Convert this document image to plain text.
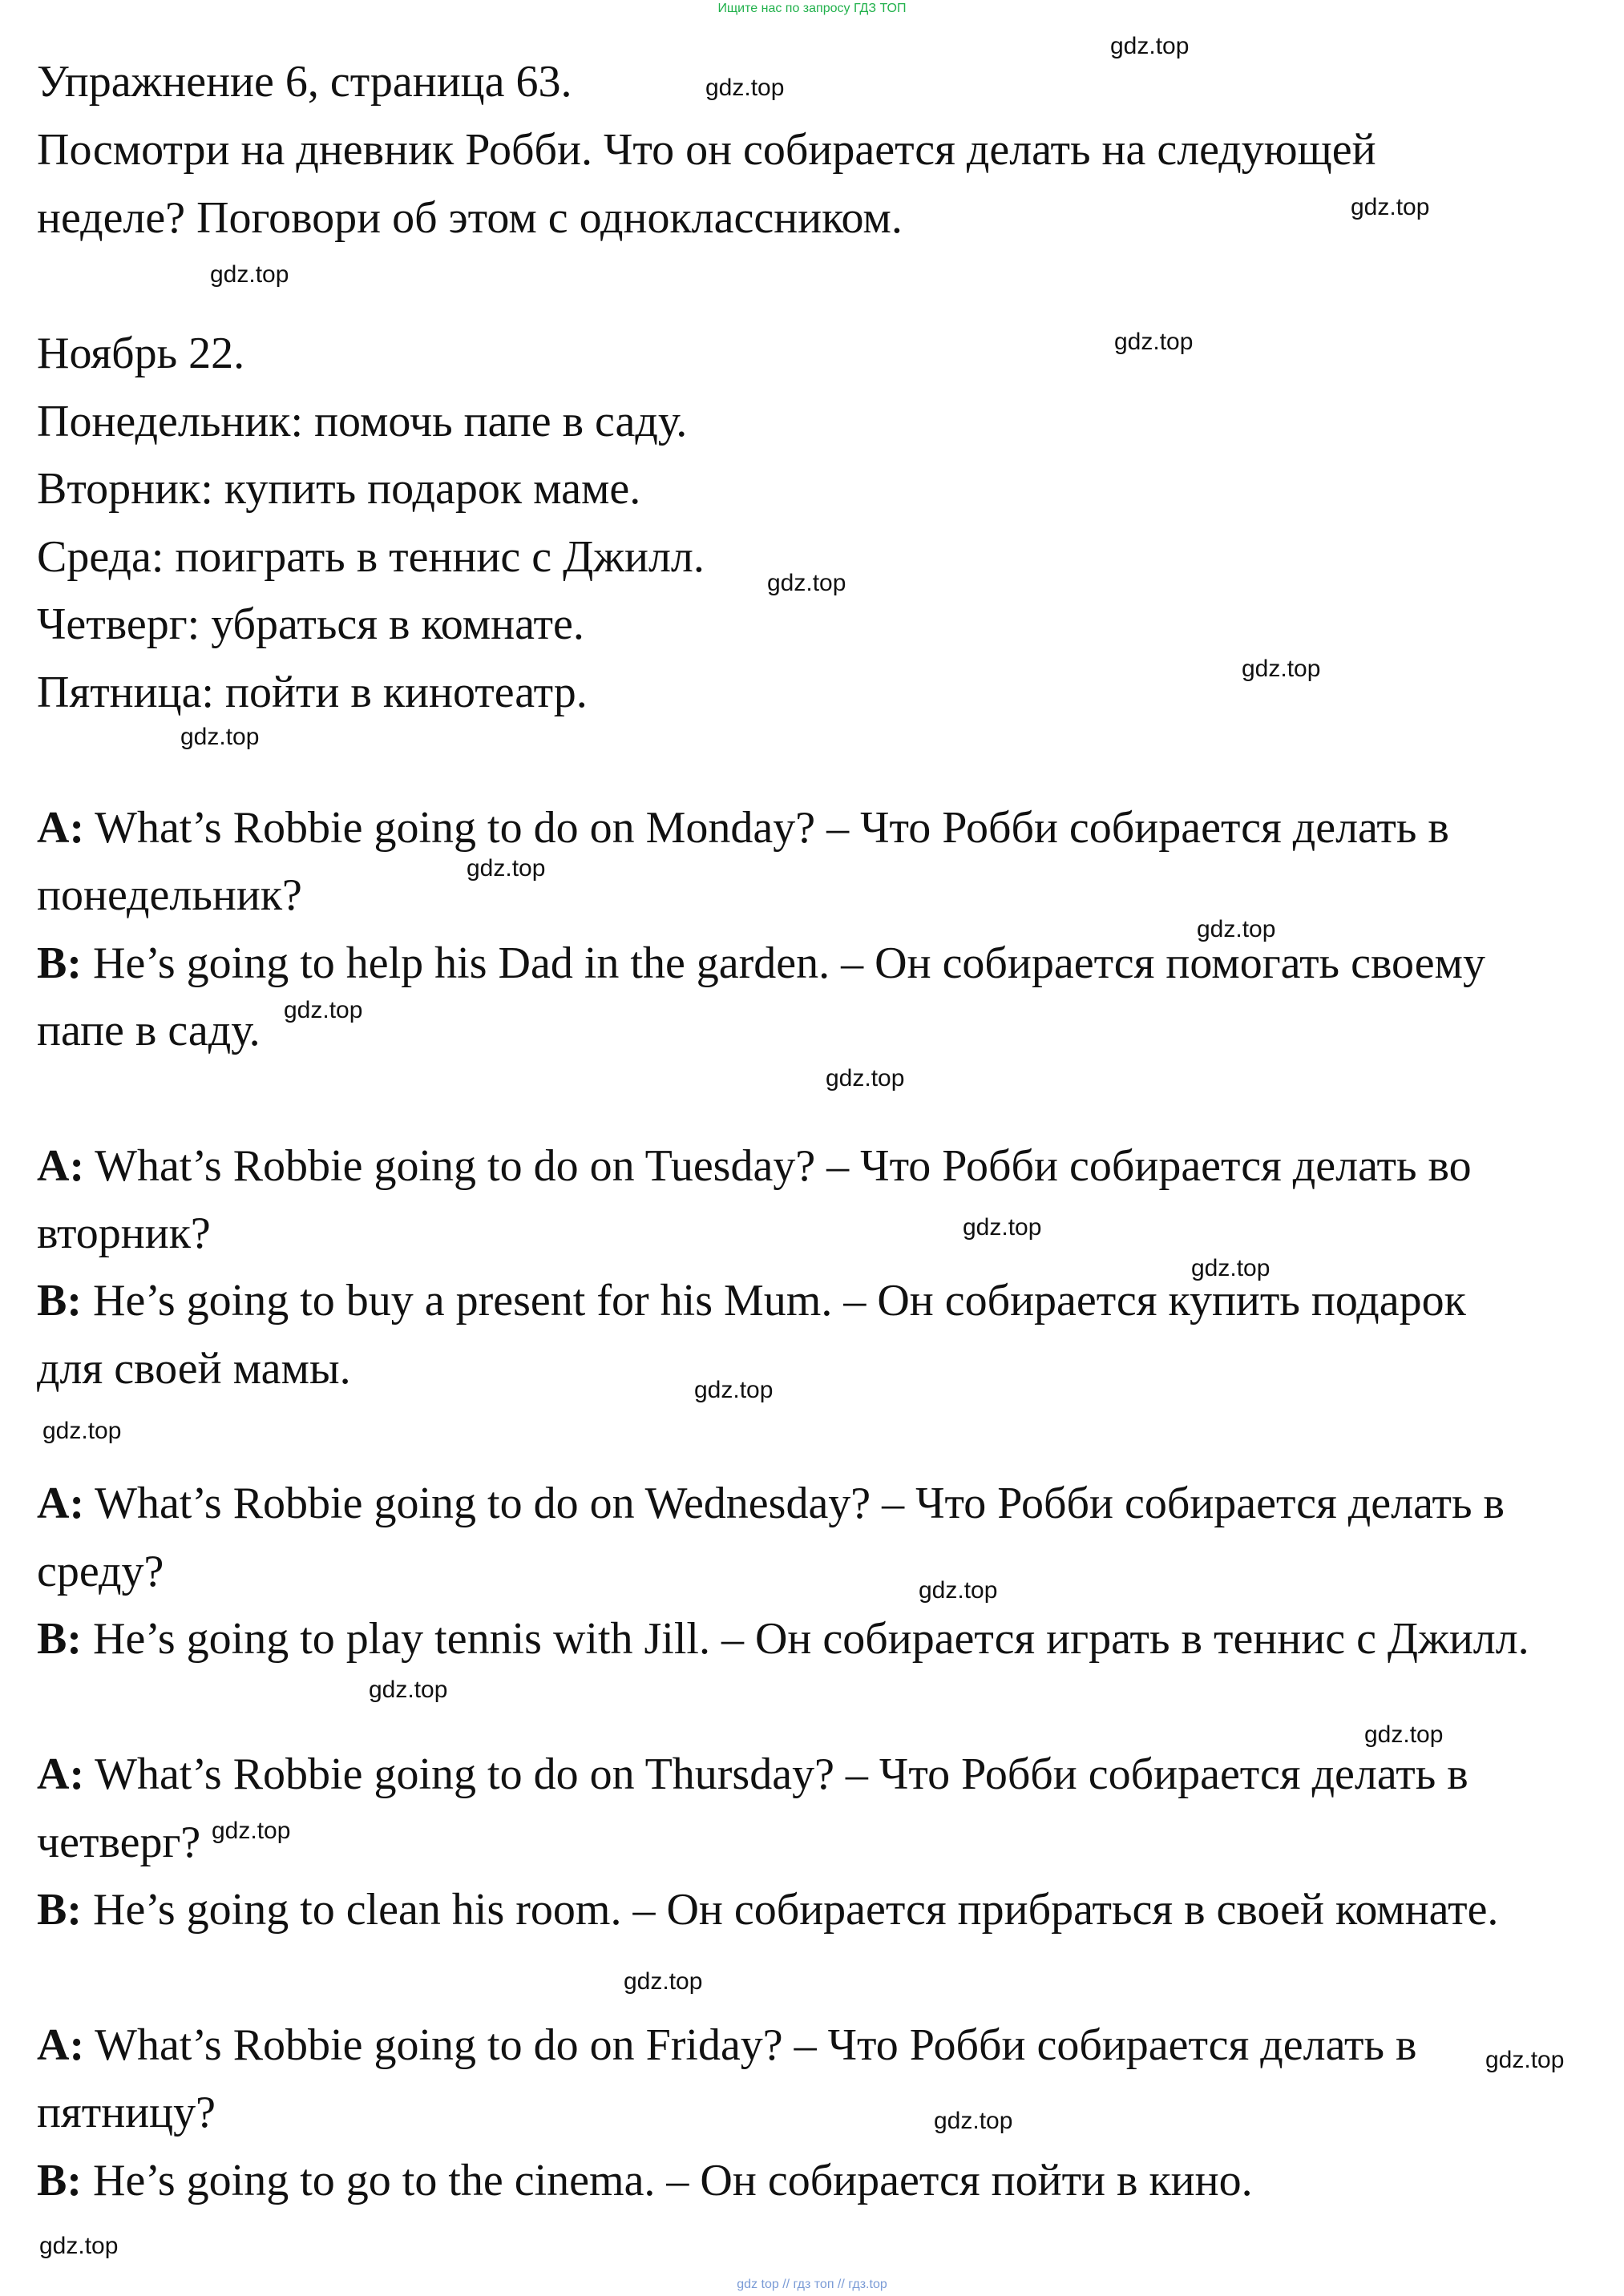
Ищите нас по запросу ГДЗ ТОП
Упражнение 6, страница 63.
Посмотри на дневник Робби. Что он собирается делать на следующей
неделе? Поговори об этом с одноклассником.
Ноябрь 22.
Понедельник: помочь папе в саду.
Вторник: купить подарок маме.
Среда: поиграть в теннис с Джилл.
Четверг: убраться в комнате.
Пятница: пойти в кинотеатр.
A: What’s Robbie going to do on Monday? – Что Робби собирается делать в
понедельник?
B: He’s going to help his Dad in the garden. – Он собирается помогать своему
папе в саду.
A: What’s Robbie going to do on Tuesday? – Что Робби собирается делать во
вторник?
B: He’s going to buy a present for his Mum. – Он собирается купить подарок
для своей мамы.
A: What’s Robbie going to do on Wednesday? – Что Робби собирается делать в
среду?
B: He’s going to play tennis with Jill. – Он собирается играть в теннис с Джилл.
A: What’s Robbie going to do on Thursday? – Что Робби собирается делать в
четверг?
B: He’s going to clean his room. – Он собирается прибраться в своей комнате.
A: What’s Robbie going to do on Friday? – Что Робби собирается делать в
пятницу?
B: He’s going to go to the cinema. – Он собирается пойти в кино.
gdz.top
gdz.top
gdz.top
gdz.top
gdz.top
gdz.top
gdz.top
gdz.top
gdz.top
gdz.top
gdz.top
gdz.top
gdz.top
gdz.top
gdz.top
gdz.top
gdz.top
gdz.top
gdz.top
gdz.top
gdz.top
gdz.top
gdz.top
gdz.top
gdz top // гдз топ // гдз.top
